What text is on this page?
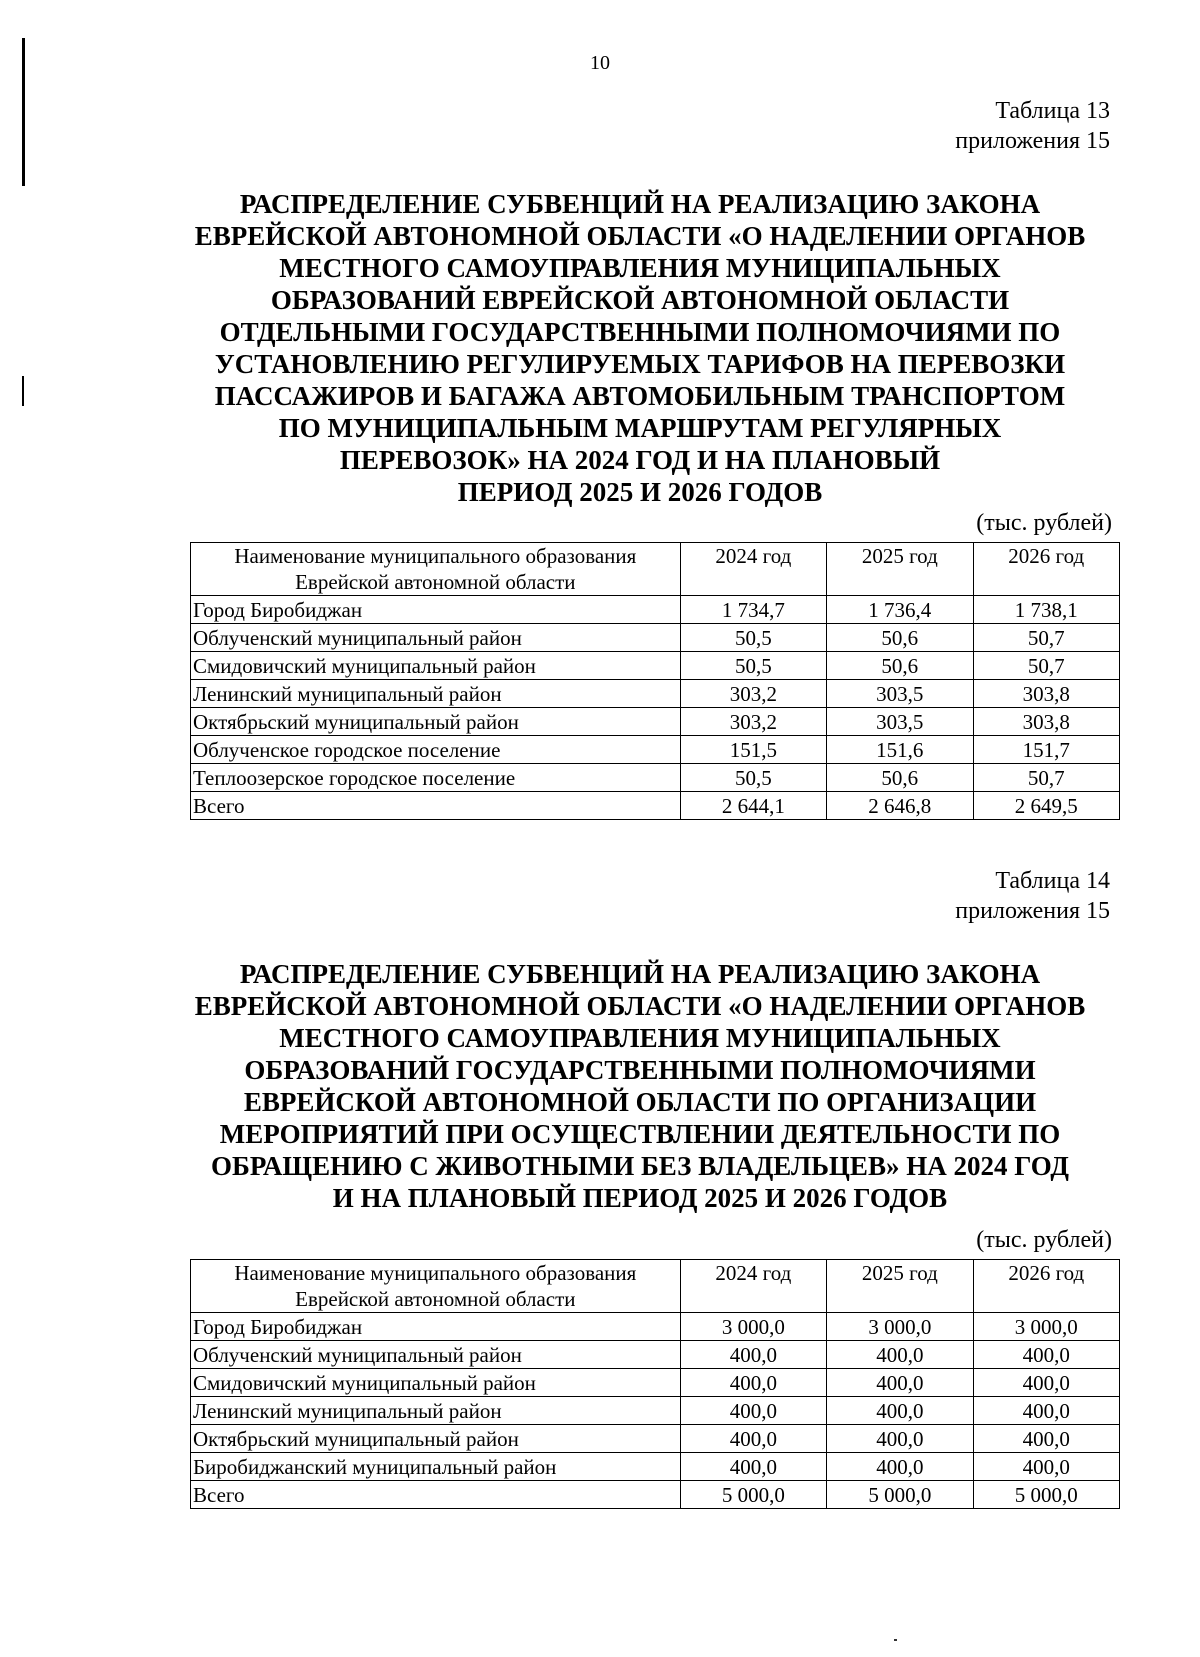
10
Таблица 13
приложения 15
РАСПРЕДЕЛЕНИЕ СУБВЕНЦИЙ НА РЕАЛИЗАЦИЮ ЗАКОНА
ЕВРЕЙСКОЙ АВТОНОМНОЙ ОБЛАСТИ «О НАДЕЛЕНИИ ОРГАНОВ
МЕСТНОГО САМОУПРАВЛЕНИЯ МУНИЦИПАЛЬНЫХ
ОБРАЗОВАНИЙ ЕВРЕЙСКОЙ АВТОНОМНОЙ ОБЛАСТИ
ОТДЕЛЬНЫМИ ГОСУДАРСТВЕННЫМИ ПОЛНОМОЧИЯМИ ПО
УСТАНОВЛЕНИЮ РЕГУЛИРУЕМЫХ ТАРИФОВ НА ПЕРЕВОЗКИ
ПАССАЖИРОВ И БАГАЖА АВТОМОБИЛЬНЫМ ТРАНСПОРТОМ
ПО МУНИЦИПАЛЬНЫМ МАРШРУТАМ РЕГУЛЯРНЫХ
ПЕРЕВОЗОК» НА 2024 ГОД И НА ПЛАНОВЫЙ
ПЕРИОД 2025 И 2026 ГОДОВ
(тыс. рублей)
Наименование муниципального образования
Еврейской автономной области	2024 год	2025 год	2026 год
Город Биробиджан	1 734,7	1 736,4	1 738,1
Облученский муниципальный район	50,5	50,6	50,7
Смидовичский муниципальный район	50,5	50,6	50,7
Ленинский муниципальный район	303,2	303,5	303,8
Октябрьский муниципальный район	303,2	303,5	303,8
Облученское городское поселение	151,5	151,6	151,7
Теплоозерское городское поселение	50,5	50,6	50,7
Всего	2 644,1	2 646,8	2 649,5
Таблица 14
приложения 15
РАСПРЕДЕЛЕНИЕ СУБВЕНЦИЙ НА РЕАЛИЗАЦИЮ ЗАКОНА
ЕВРЕЙСКОЙ АВТОНОМНОЙ ОБЛАСТИ «О НАДЕЛЕНИИ ОРГАНОВ
МЕСТНОГО САМОУПРАВЛЕНИЯ МУНИЦИПАЛЬНЫХ
ОБРАЗОВАНИЙ ГОСУДАРСТВЕННЫМИ ПОЛНОМОЧИЯМИ
ЕВРЕЙСКОЙ АВТОНОМНОЙ ОБЛАСТИ ПО ОРГАНИЗАЦИИ
МЕРОПРИЯТИЙ ПРИ ОСУЩЕСТВЛЕНИИ ДЕЯТЕЛЬНОСТИ ПО
ОБРАЩЕНИЮ С ЖИВОТНЫМИ БЕЗ ВЛАДЕЛЬЦЕВ» НА 2024 ГОД
И НА ПЛАНОВЫЙ ПЕРИОД 2025 И 2026 ГОДОВ
(тыс. рублей)
Наименование муниципального образования
Еврейской автономной области	2024 год	2025 год	2026 год
Город Биробиджан	3 000,0	3 000,0	3 000,0
Облученский муниципальный район	400,0	400,0	400,0
Смидовичский муниципальный район	400,0	400,0	400,0
Ленинский муниципальный район	400,0	400,0	400,0
Октябрьский муниципальный район	400,0	400,0	400,0
Биробиджанский муниципальный район	400,0	400,0	400,0
Всего	5 000,0	5 000,0	5 000,0
